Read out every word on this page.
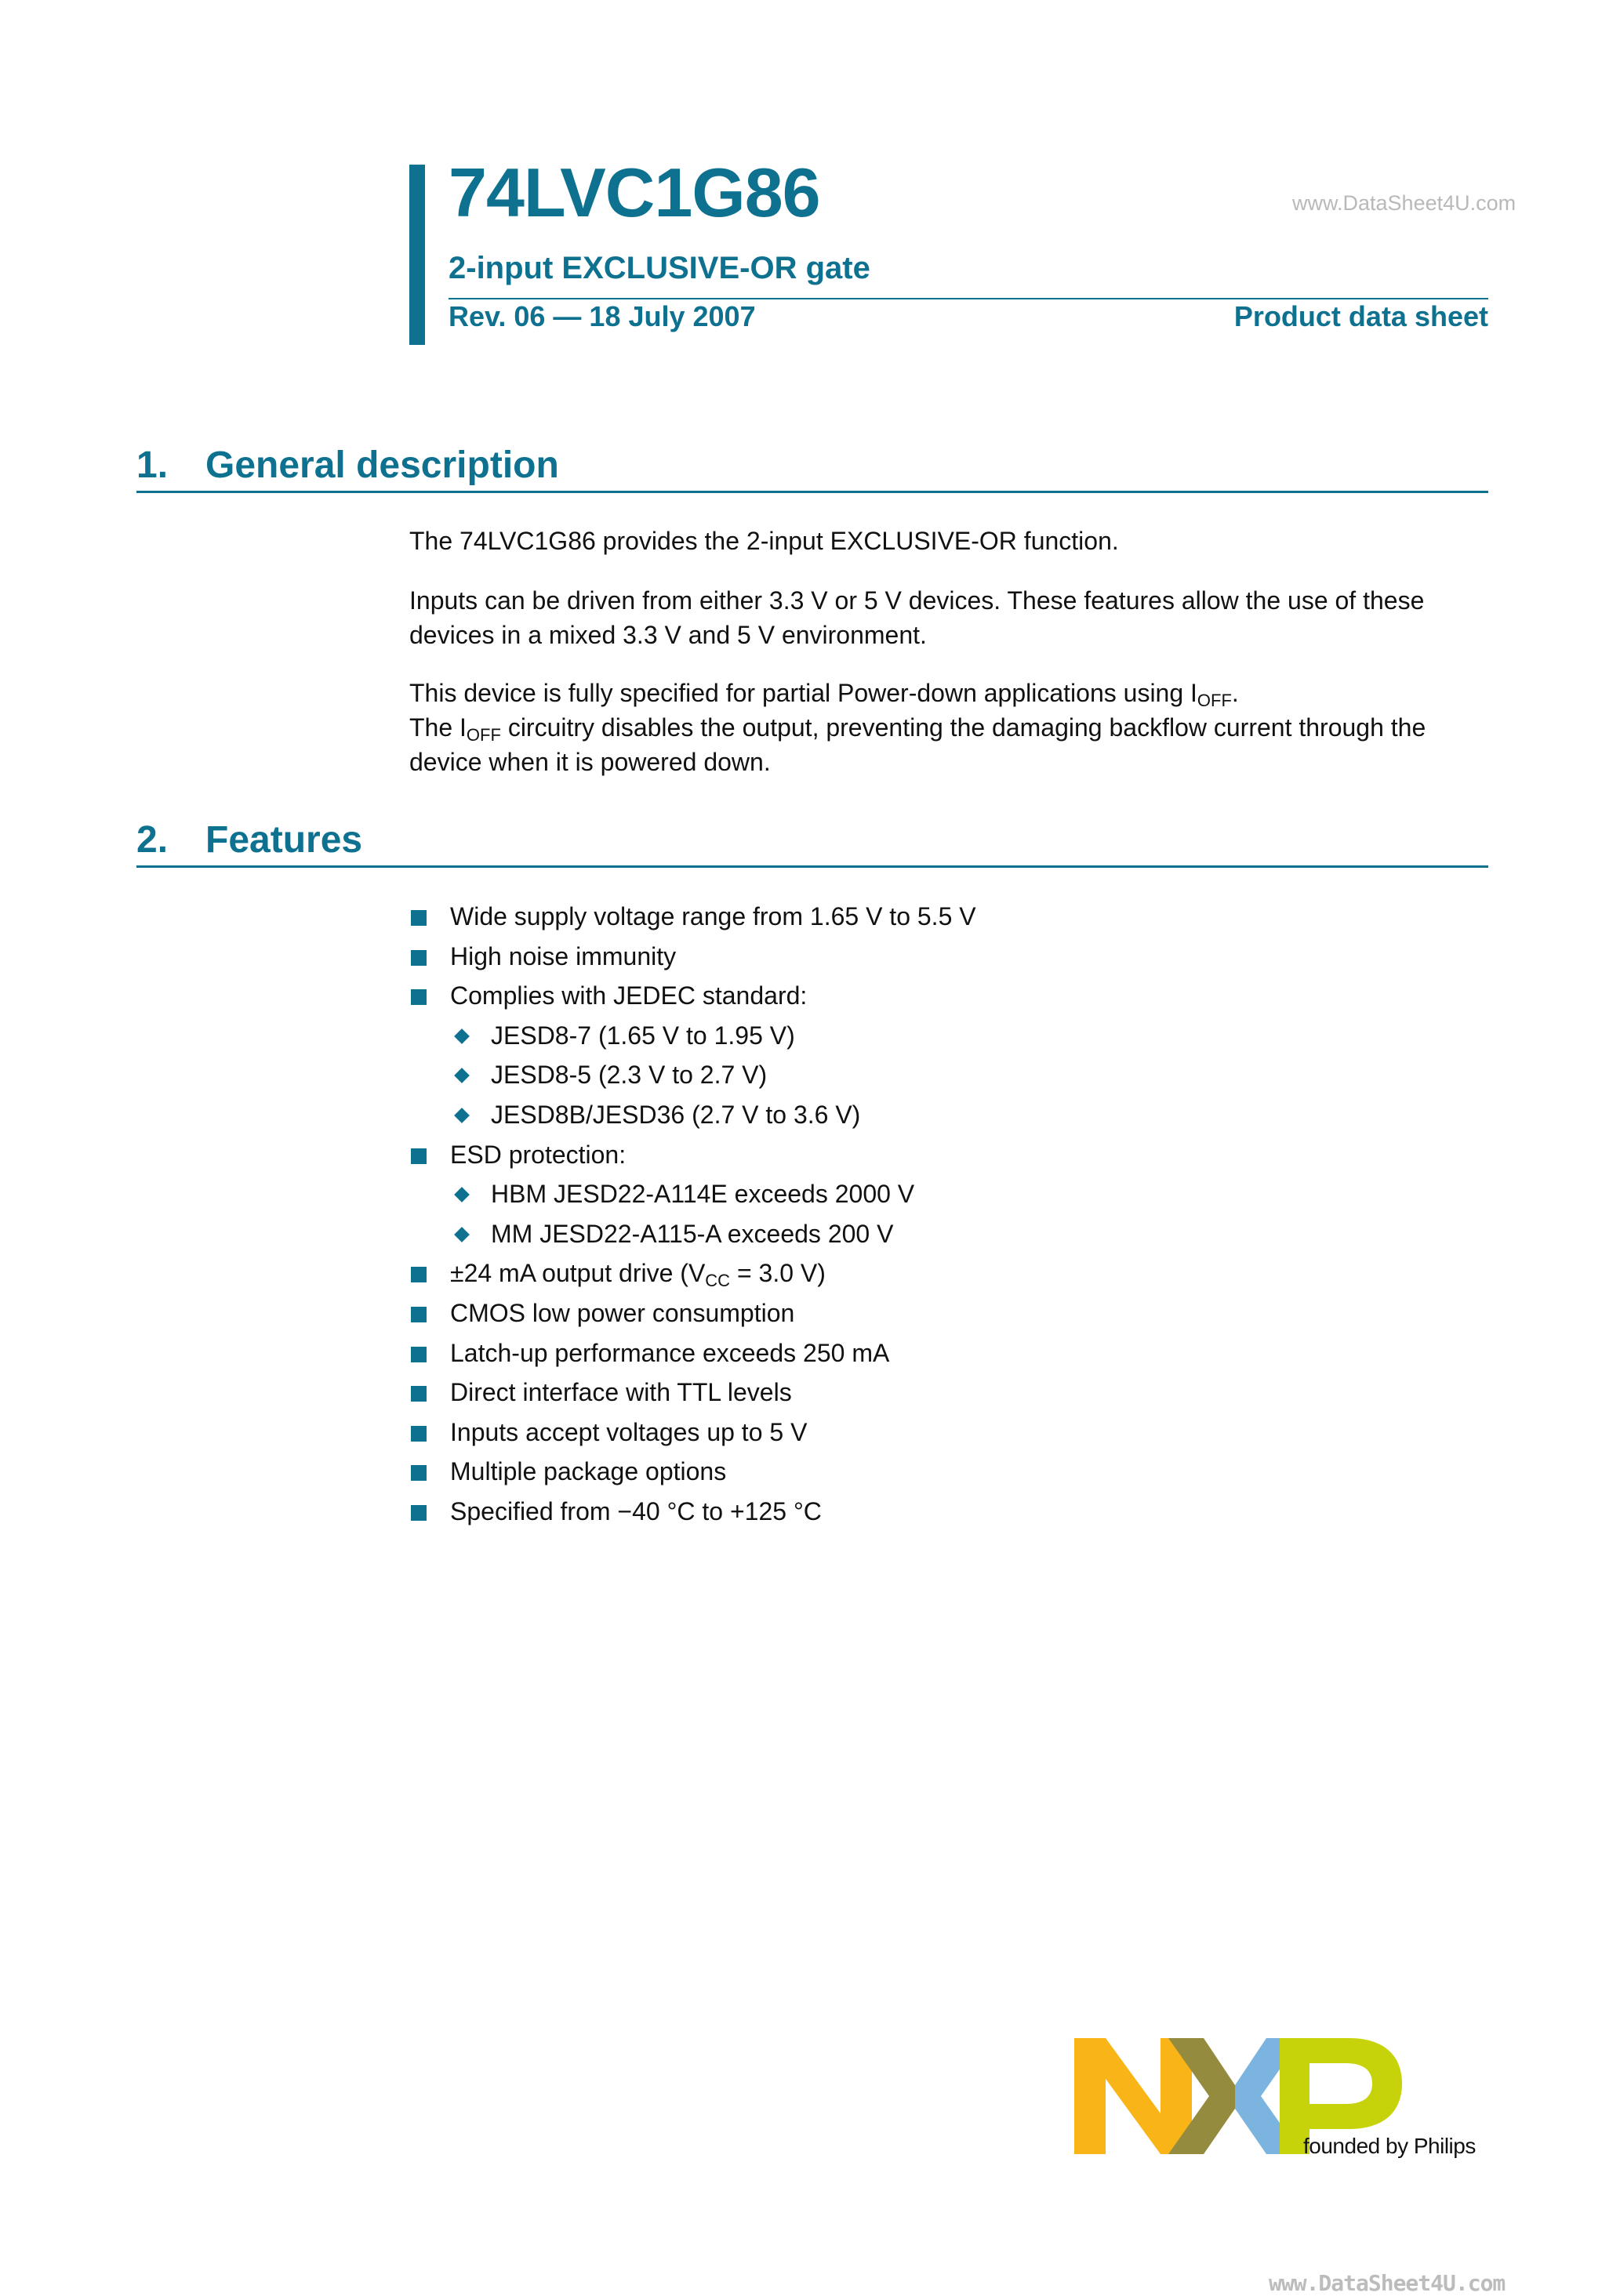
74LVC1G86	www.DataSheet4U.com
2-input EXCLUSIVE-OR gate
Rev. 06 — 18 July 2007	Product data sheet
1. General description
The 74LVC1G86 provides the 2-input EXCLUSIVE-OR function.
Inputs can be driven from either 3.3 V or 5 V devices. These features allow the use of these devices in a mixed 3.3 V and 5 V environment.
This device is fully specified for partial Power-down applications using $I_{OFF}$.
The $I_{OFF}$ circuitry disables the output, preventing the damaging backflow current through the device when it is powered down.
2. Features
Wide supply voltage range from 1.65 V to 5.5 V
High noise immunity
Complies with JEDEC standard:
JESD8-7 (1.65 V to 1.95 V)
JESD8-5 (2.3 V to 2.7 V)
JESD8B/JESD36 (2.7 V to 3.6 V)
ESD protection:
HBM JESD22-A114E exceeds 2000 V
MM JESD22-A115-A exceeds 200 V
±24 mA output drive ($V_{CC} = 3.0$ V)
CMOS low power consumption
Latch-up performance exceeds 250 mA
Direct interface with TTL levels
Inputs accept voltages up to 5 V
Multiple package options
Specified from −40 °C to +125 °C
founded by Philips
www.DataSheet4U.com
